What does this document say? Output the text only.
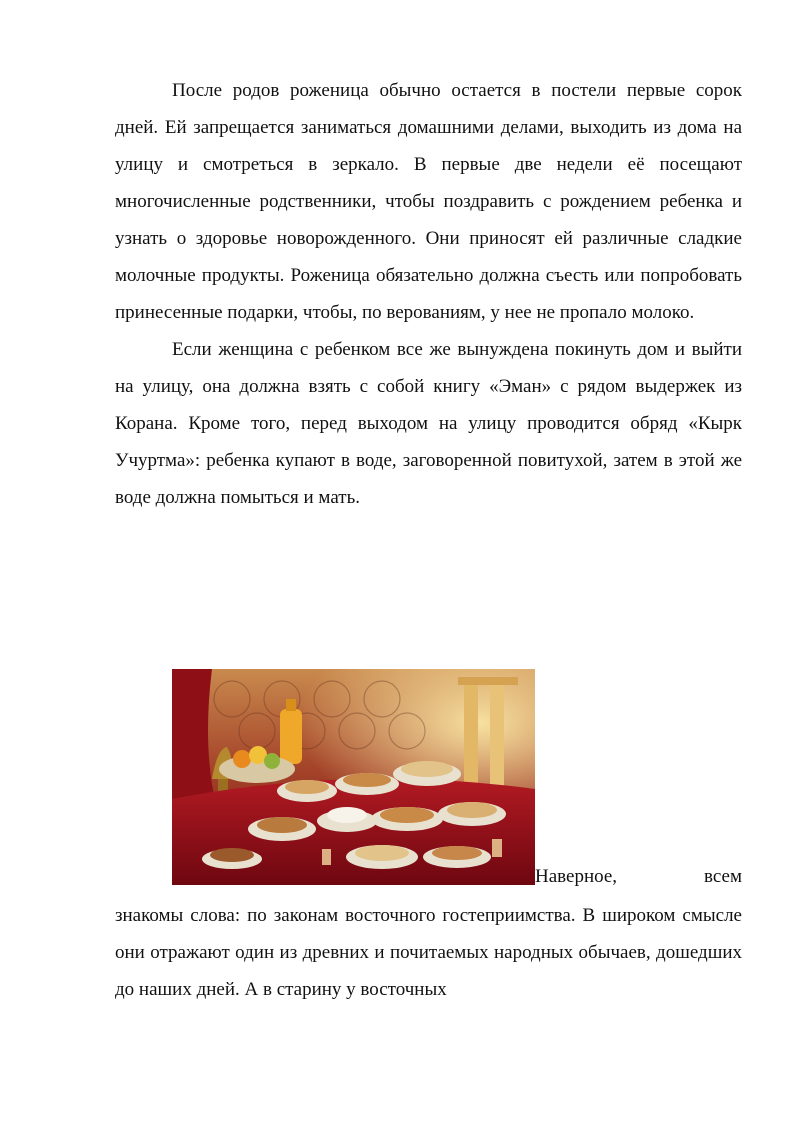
После родов роженица обычно остается в постели первые сорок дней. Ей запрещается заниматься домашними делами, выходить из дома на улицу и смотреться в зеркало. В первые две недели её посещают многочисленные родственники, чтобы поздравить с рождением ребенка и узнать о здоровье новорожденного. Они приносят ей различные сладкие молочные продукты. Роженица обязательно должна съесть или попробовать принесенные подарки, чтобы, по верованиям, у нее не пропало молоко.

Если женщина с ребенком все же вынуждена покинуть дом и выйти на улицу, она должна взять с собой книгу «Эман» с рядом выдержек из Корана. Кроме того, перед выходом на улицу проводится обряд «Кырк Учуртма»: ребенка купают в воде, заговоренной повитухой, затем в этой же воде должна помыться и мать.

Наверное,	всем

знакомы слова: по законам восточного гостеприимства. В широком смысле они отражают один из древних и почитаемых народных обычаев, дошедших до наших дней. А в старину у восточных
